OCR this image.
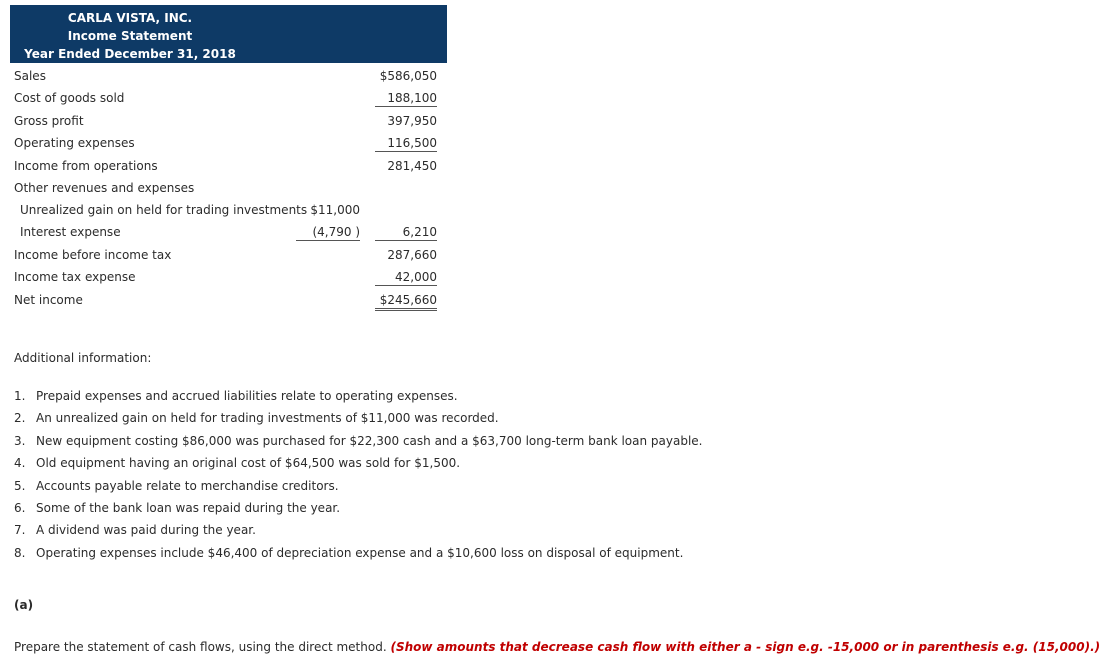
CARLA VISTA, INC.
Income Statement
Year Ended December 31, 2018
Sales	$586,050
Cost of goods sold	188,100
Gross profit	397,950
Operating expenses	116,500
Income from operations	281,450
Other revenues and expenses
Unrealized gain on held for trading investments $11,000
Interest expense	(4,790 )	6,210
Income before income tax	287,660
Income tax expense	42,000
Net income	$245,660
Additional information:
1. Prepaid expenses and accrued liabilities relate to operating expenses.
2. An unrealized gain on held for trading investments of $11,000 was recorded.
3. New equipment costing $86,000 was purchased for $22,300 cash and a $63,700 long-term bank loan payable.
4. Old equipment having an original cost of $64,500 was sold for $1,500.
5. Accounts payable relate to merchandise creditors.
6. Some of the bank loan was repaid during the year.
7. A dividend was paid during the year.
8. Operating expenses include $46,400 of depreciation expense and a $10,600 loss on disposal of equipment.
(a)
Prepare the statement of cash flows, using the direct method. (Show amounts that decrease cash flow with either a - sign e.g. -15,000 or in parenthesis e.g. (15,000).)
